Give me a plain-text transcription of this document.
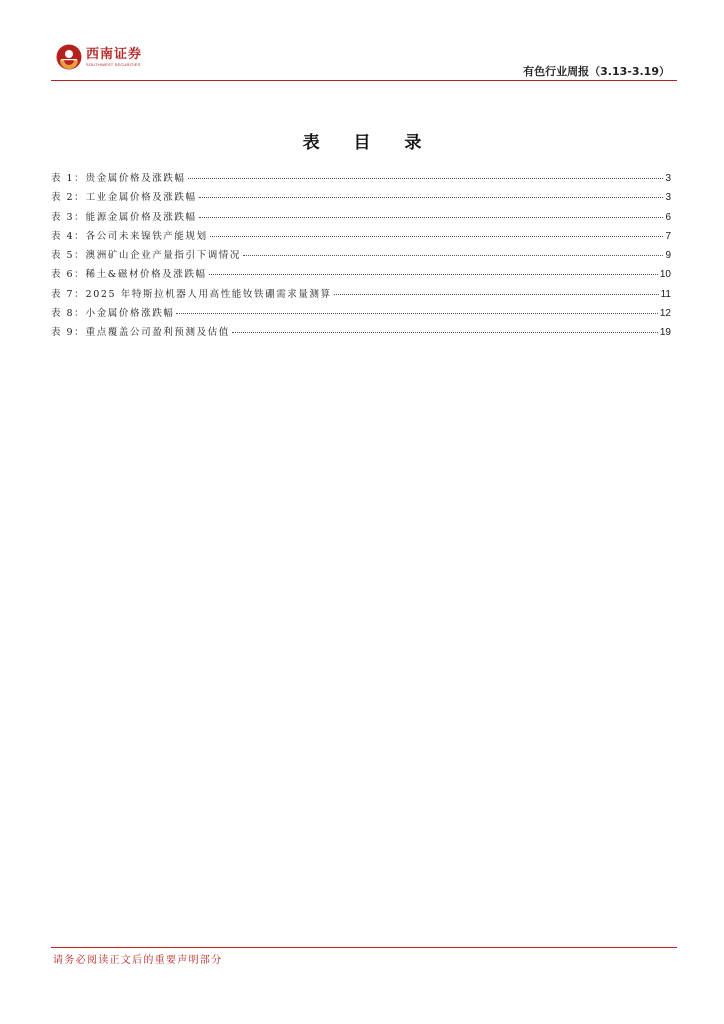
西南证券
SOUTHWEST SECURITIES
有色行业周报（3.13-3.19）
表 目 录
表 1 ： 贵金属价格及涨跌幅	3
表 2 ： 工业金属价格及涨跌幅	3
表 3 ： 能源金属价格及涨跌幅	6
表 4 ： 各公司未来镍铁产能规划	7
表 5 ： 澳洲矿山企业产量指引下调情况	9
表 6 ： 稀土&磁材价格及涨跌幅	10
表 7 ： 2025 年特斯拉机器人用高性能钕铁硼需求量测算	11
表 8 ： 小金属价格涨跌幅	12
表 9 ： 重点覆盖公司盈利预测及估值	19
请务必阅读正文后的重要声明部分
